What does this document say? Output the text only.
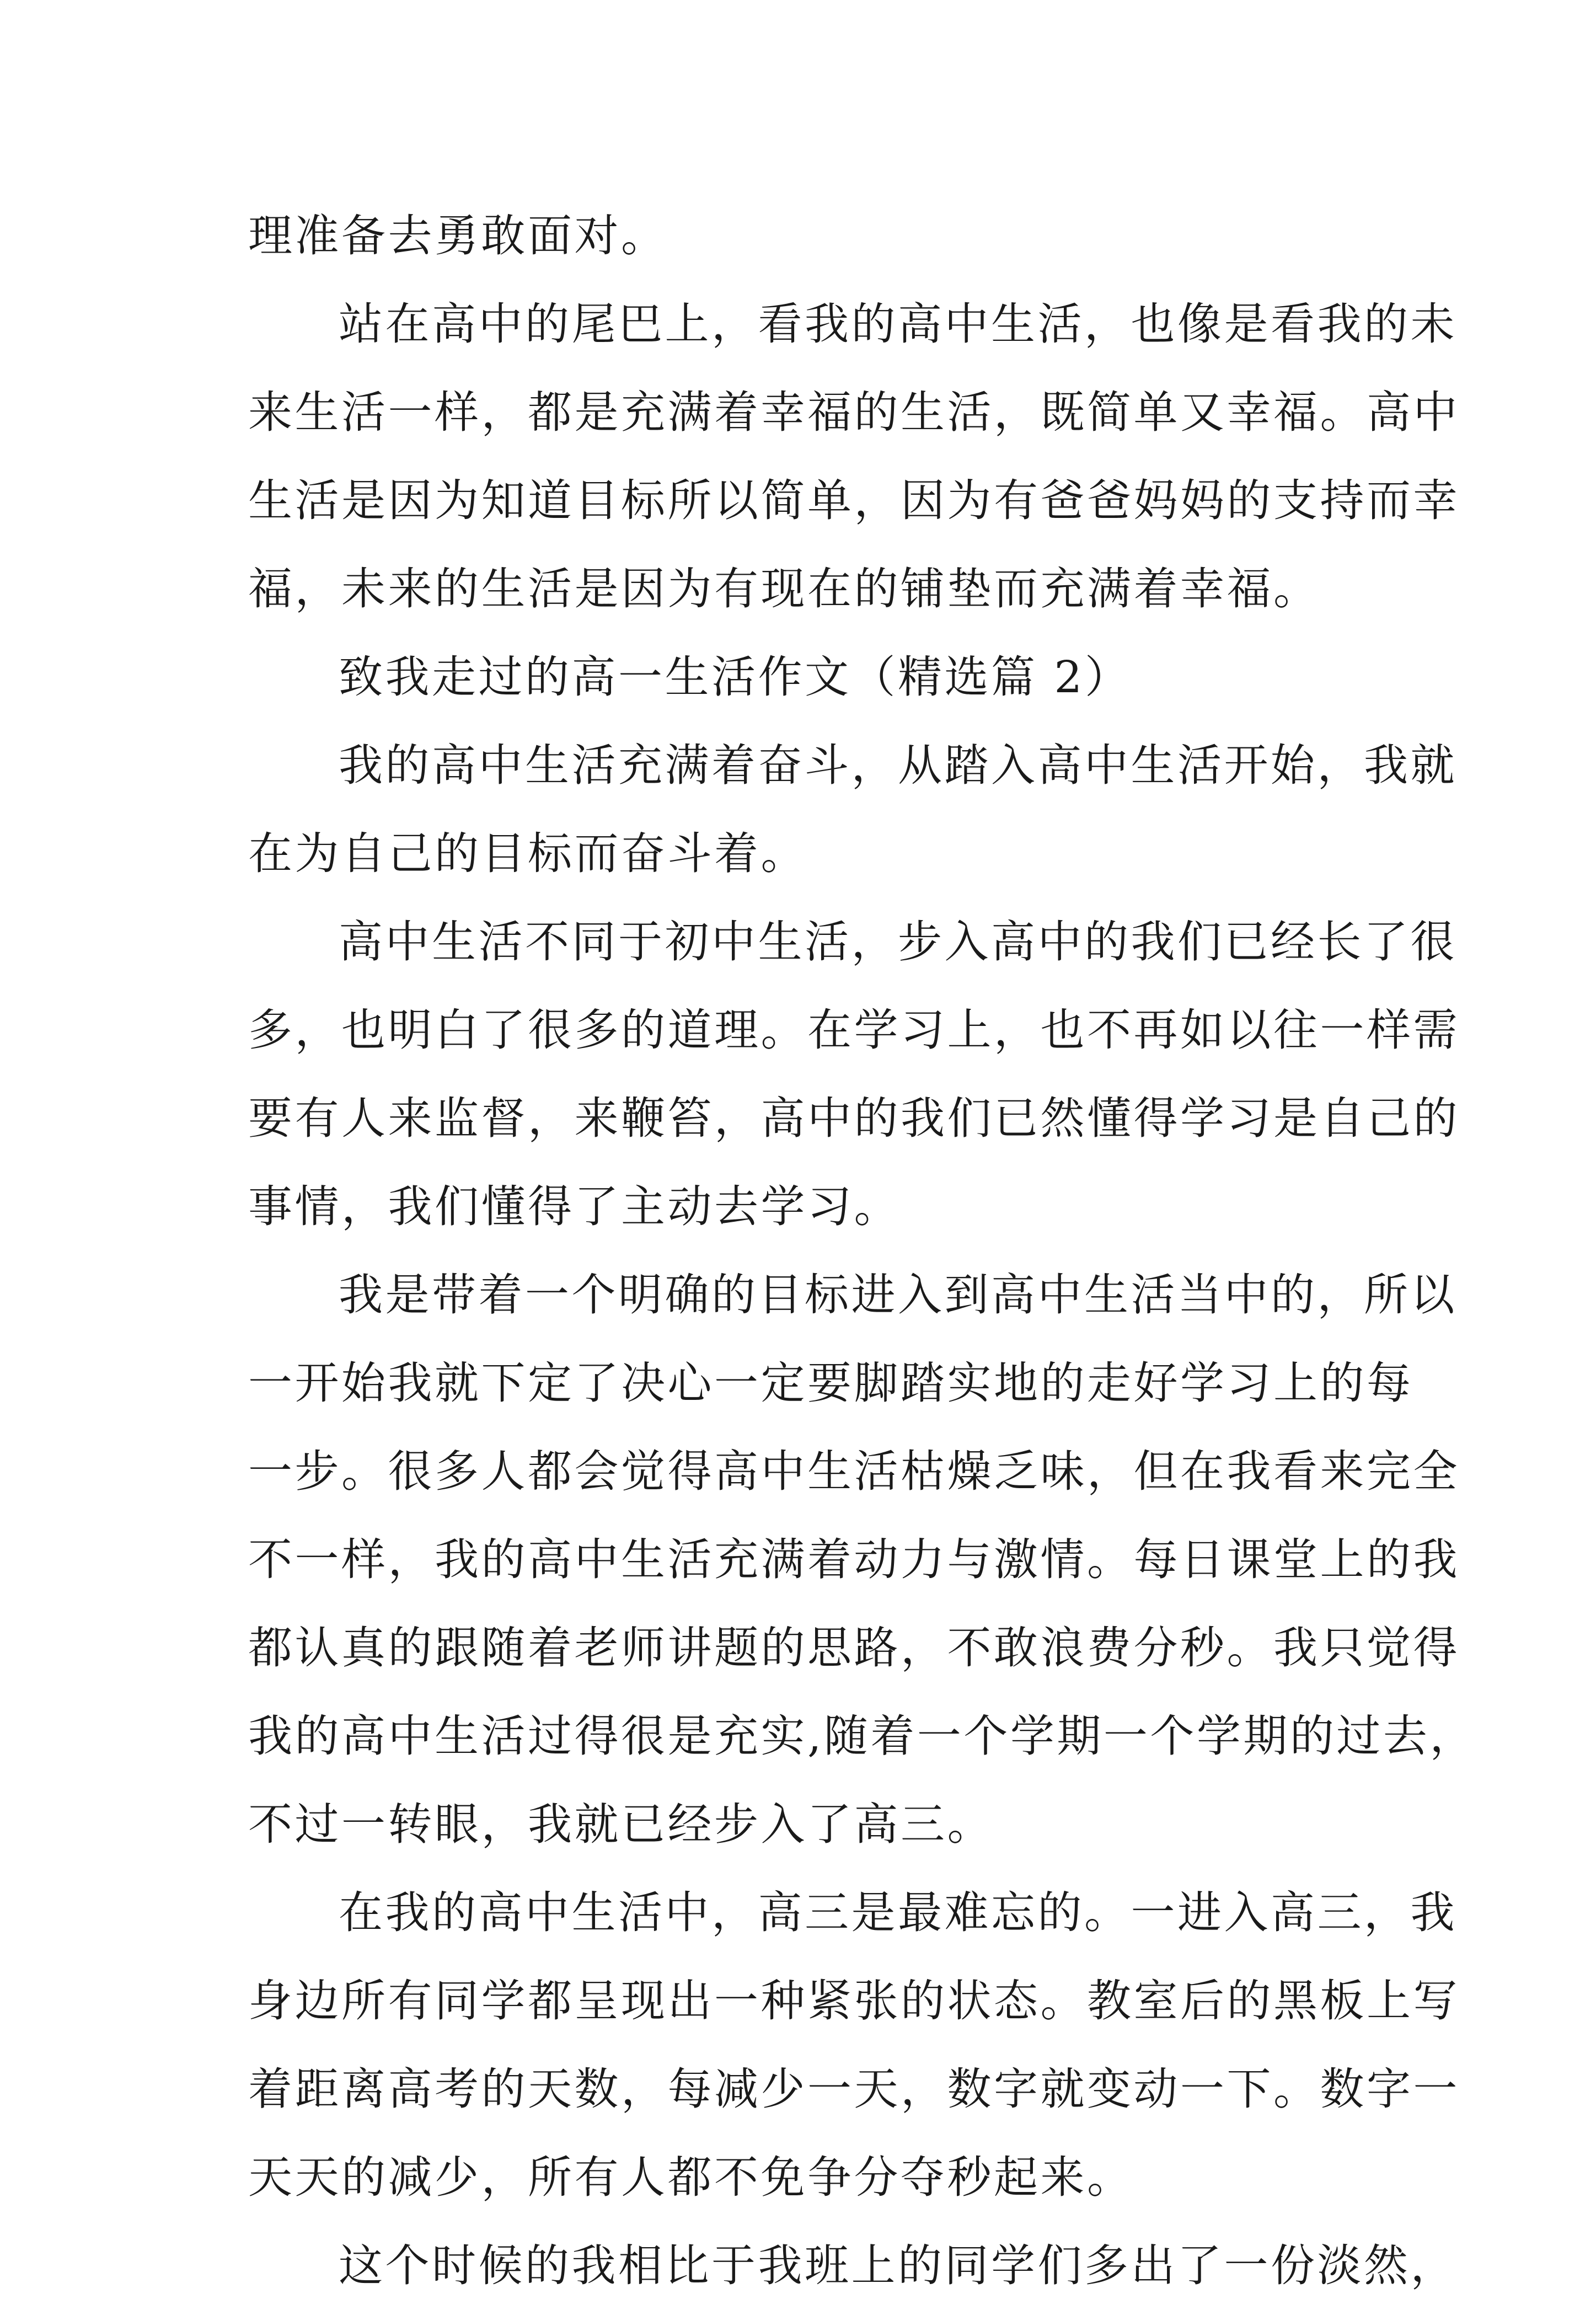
理准备去勇敢面对。
站在高中的尾巴上，看我的高中生活，也像是看我的未
来生活一样，都是充满着幸福的生活，既简单又幸福。高中
生活是因为知道目标所以简单，因为有爸爸妈妈的支持而幸
福，未来的生活是因为有现在的铺垫而充满着幸福。
致我走过的高一生活作文（精选篇 2）
我的高中生活充满着奋斗，从踏入高中生活开始，我就
在为自己的目标而奋斗着。
高中生活不同于初中生活，步入高中的我们已经长了很
多，也明白了很多的道理。在学习上，也不再如以往一样需
要有人来监督，来鞭笞，高中的我们已然懂得学习是自己的
事情，我们懂得了主动去学习。
我是带着一个明确的目标进入到高中生活当中的，所以
一开始我就下定了决心一定要脚踏实地的走好学习上的每
一步。很多人都会觉得高中生活枯燥乏味，但在我看来完全
不一样，我的高中生活充满着动力与激情。每日课堂上的我
都认真的跟随着老师讲题的思路，不敢浪费分秒。我只觉得
我的高中生活过得很是充实,随着一个学期一个学期的过去，
不过一转眼，我就已经步入了高三。
在我的高中生活中，高三是最难忘的。一进入高三，我
身边所有同学都呈现出一种紧张的状态。教室后的黑板上写
着距离高考的天数，每减少一天，数字就变动一下。数字一
天天的减少，所有人都不免争分夺秒起来。
这个时候的我相比于我班上的同学们多出了一份淡然，
